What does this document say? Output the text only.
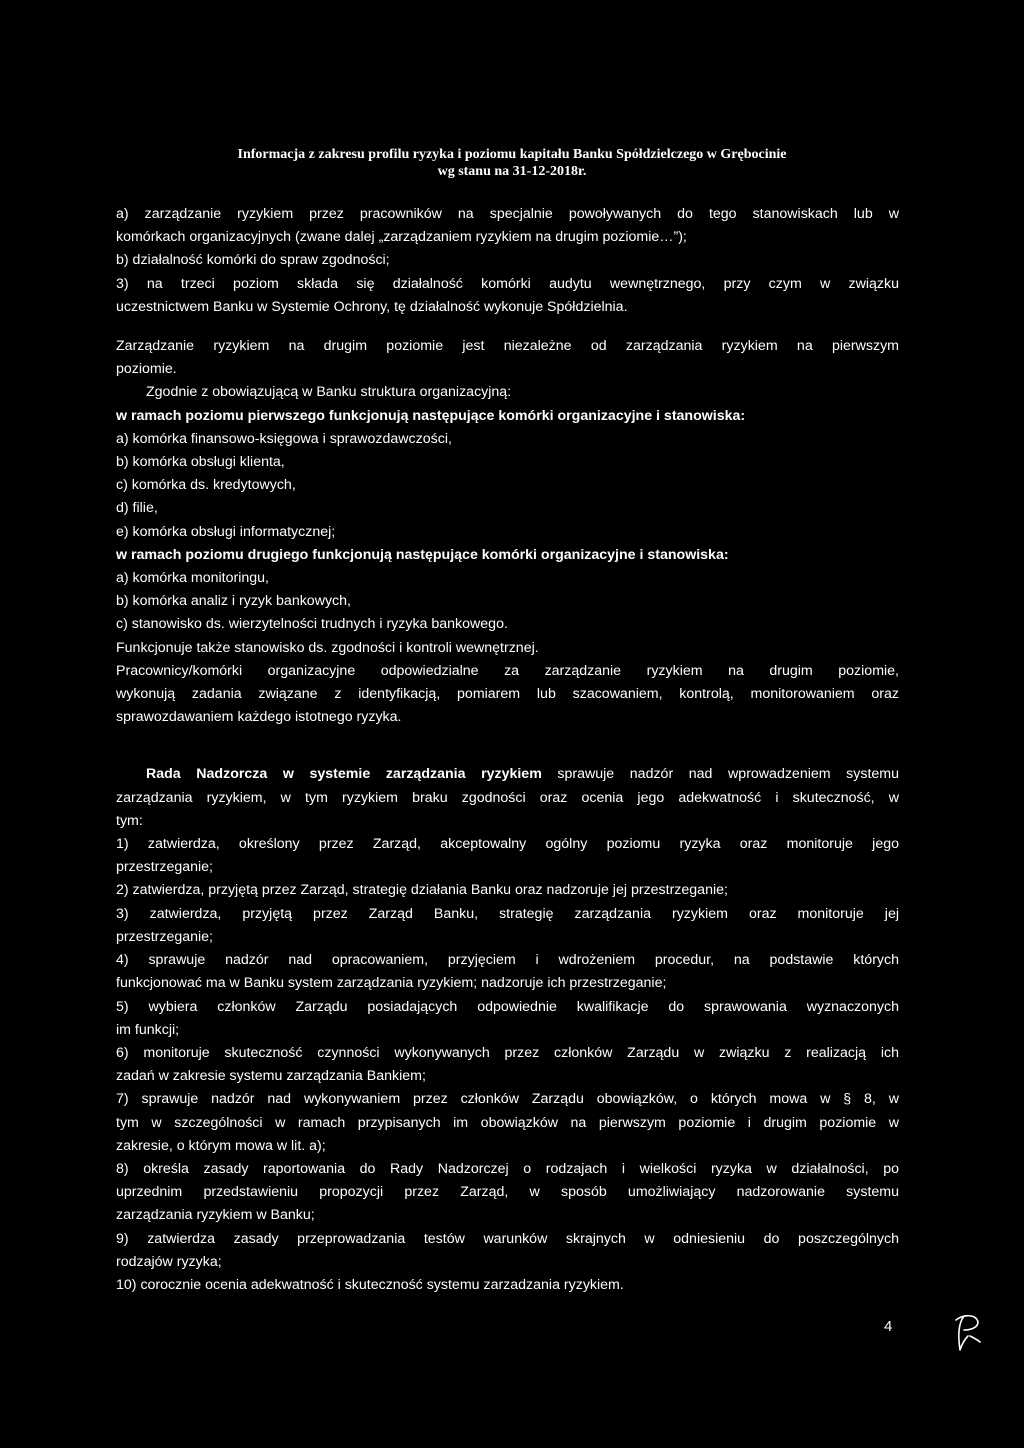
Informacja z zakresu profilu ryzyka i poziomu kapitału Banku Spółdzielczego w Grębocinie
wg stanu na 31-12-2018r.
a) zarządzanie ryzykiem przez pracowników na specjalnie powoływanych do tego stanowiskach lub w
komórkach organizacyjnych (zwane dalej „zarządzaniem ryzykiem na drugim poziomie…”);
b) działalność komórki do spraw zgodności;
3) na trzeci poziom składa się działalność komórki audytu wewnętrznego, przy czym w związku
uczestnictwem Banku w Systemie Ochrony, tę działalność wykonuje Spółdzielnia.
Zarządzanie ryzykiem na drugim poziomie jest niezależne od zarządzania ryzykiem na pierwszym
poziomie.
Zgodnie z obowiązującą w Banku struktura organizacyjną:
w ramach poziomu pierwszego funkcjonują następujące komórki organizacyjne i stanowiska:
a) komórka finansowo-księgowa i sprawozdawczości,
b) komórka obsługi klienta,
c) komórka ds. kredytowych,
d) filie,
e) komórka obsługi informatycznej;
w ramach poziomu drugiego funkcjonują następujące komórki organizacyjne i stanowiska:
a) komórka monitoringu,
b) komórka analiz i ryzyk bankowych,
c) stanowisko ds. wierzytelności trudnych i ryzyka bankowego.
Funkcjonuje także stanowisko ds. zgodności i kontroli wewnętrznej.
Pracownicy/komórki organizacyjne odpowiedzialne za zarządzanie ryzykiem na drugim poziomie,
wykonują zadania związane z identyfikacją, pomiarem lub szacowaniem, kontrolą, monitorowaniem oraz
sprawozdawaniem każdego istotnego ryzyka.
Rada Nadzorcza w systemie zarządzania ryzykiem sprawuje nadzór nad wprowadzeniem systemu
zarządzania ryzykiem, w tym ryzykiem braku zgodności oraz ocenia jego adekwatność i skuteczność, w
tym:
1) zatwierdza, określony przez Zarząd, akceptowalny ogólny poziomu ryzyka oraz monitoruje jego
przestrzeganie;
2) zatwierdza, przyjętą przez Zarząd, strategię działania Banku oraz nadzoruje jej przestrzeganie;
3) zatwierdza, przyjętą przez Zarząd Banku, strategię zarządzania ryzykiem oraz monitoruje jej
przestrzeganie;
4) sprawuje nadzór nad opracowaniem, przyjęciem i wdrożeniem procedur, na podstawie których
funkcjonować ma w Banku system zarządzania ryzykiem; nadzoruje ich przestrzeganie;
5) wybiera członków Zarządu posiadających odpowiednie kwalifikacje do sprawowania wyznaczonych
im funkcji;
6) monitoruje skuteczność czynności wykonywanych przez członków Zarządu w związku z realizacją ich
zadań w zakresie systemu zarządzania Bankiem;
7) sprawuje nadzór nad wykonywaniem przez członków Zarządu obowiązków, o których mowa w § 8, w
tym w szczególności w ramach przypisanych im obowiązków na pierwszym poziomie i drugim poziomie w
zakresie, o którym mowa w lit. a);
8) określa zasady raportowania do Rady Nadzorczej o rodzajach i wielkości ryzyka w działalności, po
uprzednim przedstawieniu propozycji przez Zarząd, w sposób umożliwiający nadzorowanie systemu
zarządzania ryzykiem w Banku;
9) zatwierdza zasady przeprowadzania testów warunków skrajnych w odniesieniu do poszczególnych
rodzajów ryzyka;
10) corocznie ocenia adekwatność i skuteczność systemu zarzadzania ryzykiem.
4
